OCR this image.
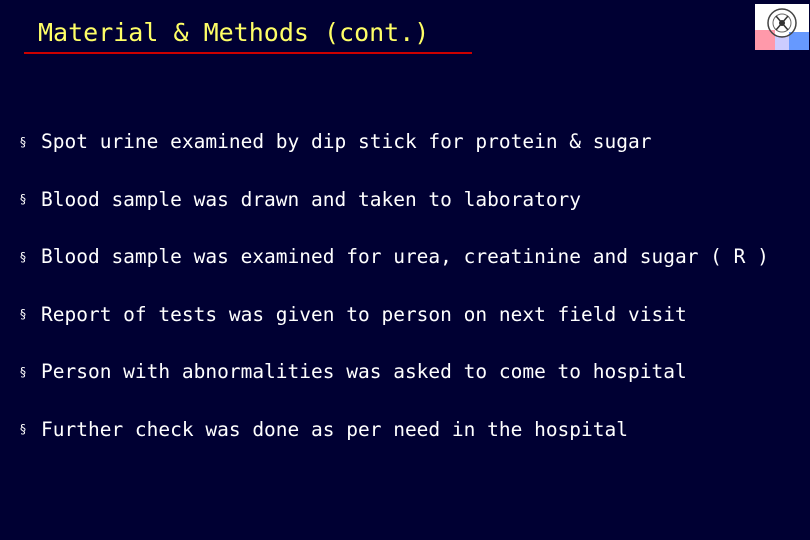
Material & Methods (cont.)
§ Spot urine examined by dip stick for protein & sugar
§ Blood sample was drawn and taken to laboratory
§ Blood sample was examined for urea, creatinine and sugar ( R )
§ Report of tests was given to person on next field visit
§ Person with abnormalities was asked to come to hospital
§ Further check was done as per need in the hospital
